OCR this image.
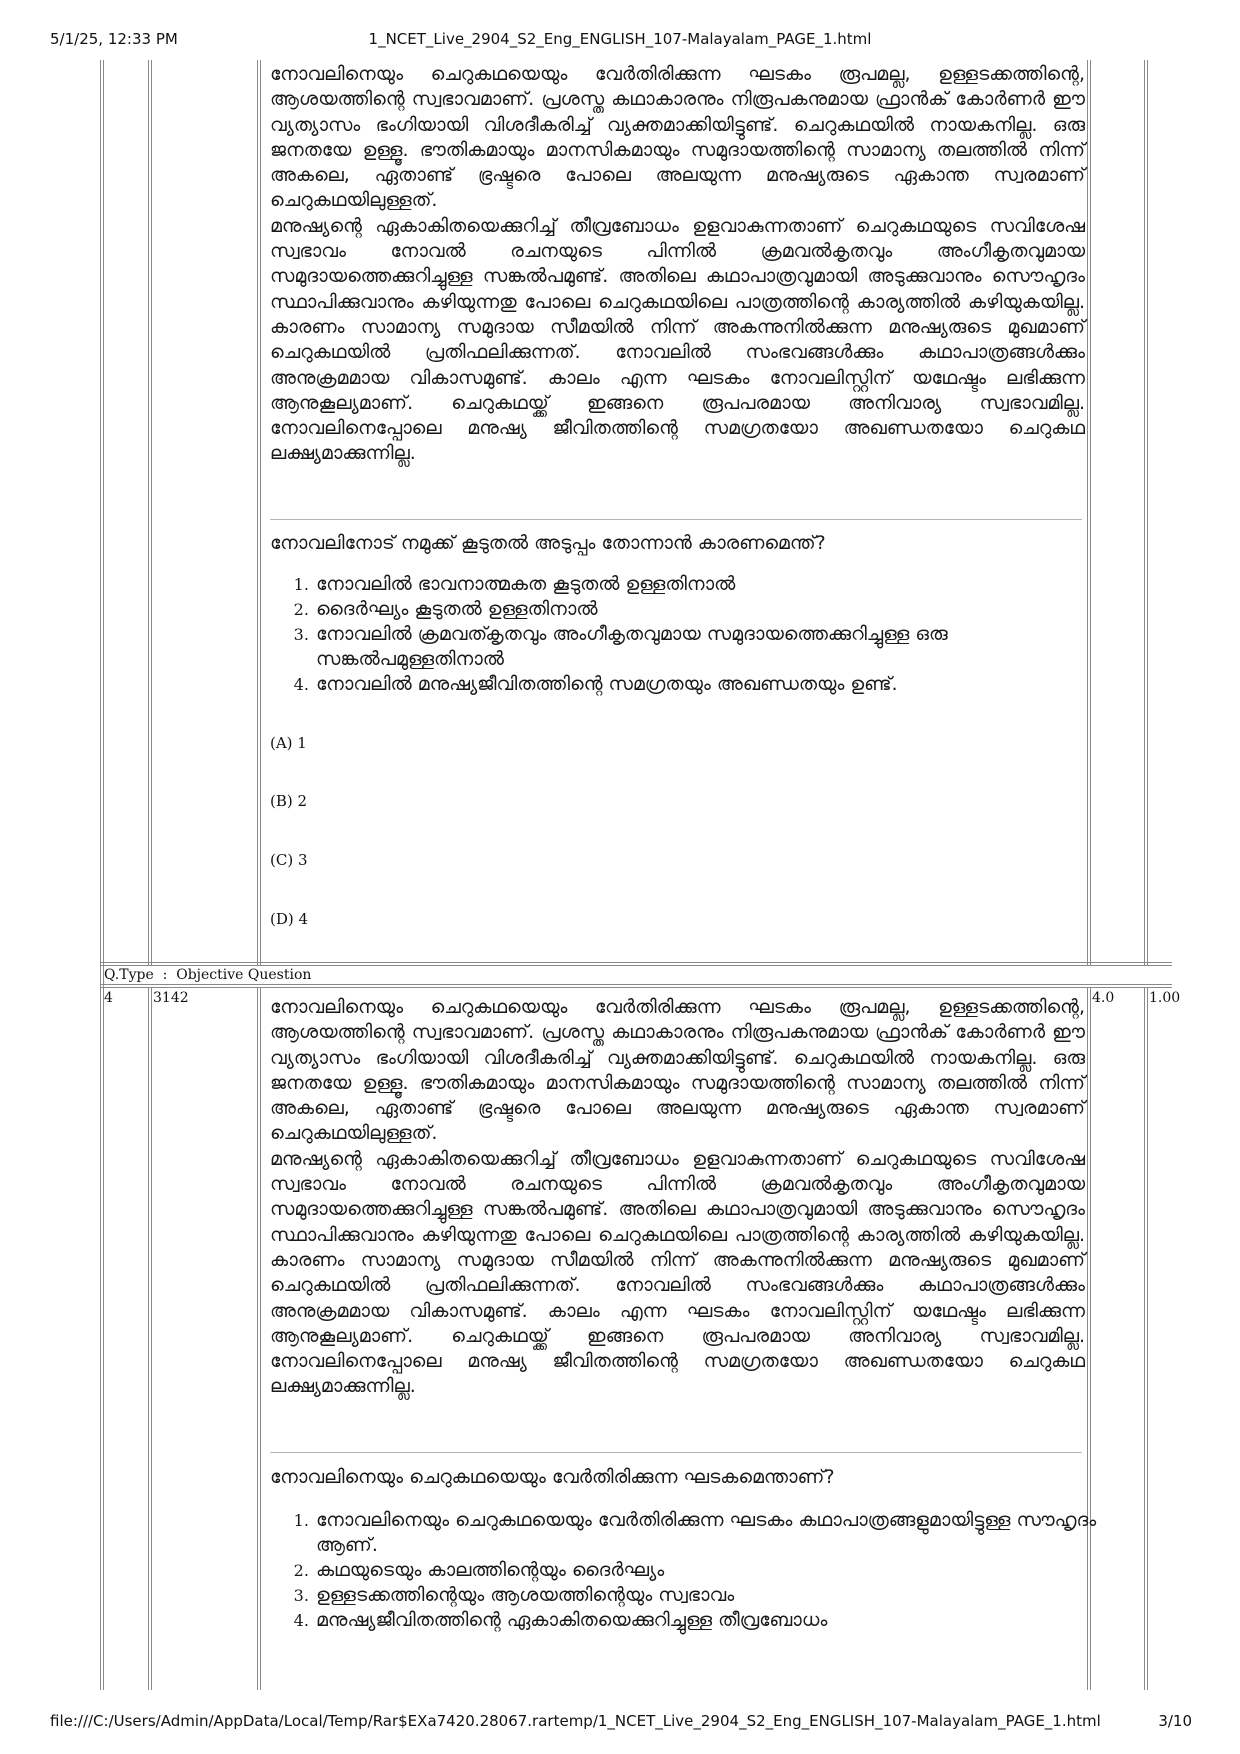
5/1/25, 12:33 PM	1_NCET_Live_2904_S2_Eng_ENGLISH_107-Malayalam_PAGE_1.html

നോവലിനെയും ചെറുകഥയെയും വേർതിരിക്കുന്ന ഘടകം രൂപമല്ല, ഉള്ളടക്കത്തിന്റെ, ആശയത്തിന്റെ സ്വഭാവമാണ്. പ്രശസ്ത കഥാകാരനും നിരൂപകനുമായ ഫ്രാൻക് കോർണർ ഈ വ്യത്യാസം ഭംഗിയായി വിശദീകരിച്ച് വ്യക്തമാക്കിയിട്ടുണ്ട്. ചെറുകഥയിൽ നായകനില്ല. ഒരു ജനതയേ ഉള്ളൂ. ഭൗതികമായും മാനസികമായും സമുദായത്തിന്റെ സാമാന്യ തലത്തിൽ നിന്ന് അകലെ, ഏതാണ്ട് ഭ്രഷ്ടരെ പോലെ അലയുന്ന മനുഷ്യരുടെ ഏകാന്ത സ്വരമാണ് ചെറുകഥയിലുള്ളത്.

മനുഷ്യന്റെ ഏകാകിതയെക്കുറിച്ച് തീവ്രബോധം ഉളവാകുന്നതാണ് ചെറുകഥയുടെ സവിശേഷ സ്വഭാവം നോവൽ രചനയുടെ പിന്നിൽ ക്രമവൽകൃതവും അംഗീകൃതവുമായ സമുദായത്തെക്കുറിച്ചുള്ള സങ്കൽപമുണ്ട്. അതിലെ കഥാപാത്രവുമായി അടുക്കുവാനും സൌഹൃദം സ്ഥാപിക്കുവാനും കഴിയുന്നതു പോലെ ചെറുകഥയിലെ പാത്രത്തിന്റെ കാര്യത്തിൽ കഴിയുകയില്ല. കാരണം സാമാന്യ സമുദായ സീമയിൽ നിന്ന് അകന്നുനിൽക്കുന്ന മനുഷ്യരുടെ മുഖമാണ് ചെറുകഥയിൽ പ്രതിഫലിക്കുന്നത്. നോവലിൽ സംഭവങ്ങൾക്കും കഥാപാത്രങ്ങൾക്കും അനുക്രമമായ വികാസമുണ്ട്. കാലം എന്ന ഘടകം നോവലിസ്റ്റിന് യഥേഷ്ടം ലഭിക്കുന്ന ആനുകൂല്യമാണ്. ചെറുകഥയ്ക്ക് ഇങ്ങനെ രൂപപരമായ അനിവാര്യ സ്വഭാവമില്ല. നോവലിനെപ്പോലെ മനുഷ്യ ജീവിതത്തിന്റെ സമഗ്രതയോ അഖണ്ഡതയോ ചെറുകഥ ലക്ഷ്യമാക്കുന്നില്ല.

നോവലിനോട് നമുക്ക് കൂടുതൽ അടുപ്പം തോന്നാൻ കാരണമെന്ത്?
1. നോവലിൽ ഭാവനാത്മകത കൂടുതൽ ഉള്ളതിനാൽ
2. ദൈർഘ്യം കൂടുതൽ ഉള്ളതിനാൽ
3. നോവലിൽ ക്രമവത്കൃതവും അംഗീകൃതവുമായ സമുദായത്തെക്കുറിച്ചുള്ള ഒരു സങ്കൽപമുള്ളതിനാൽ
4. നോവലിൽ മനുഷ്യജീവിതത്തിന്റെ സമഗ്രതയും അഖണ്ഡതയും ഉണ്ട്.
(A) 1
(B) 2
(C) 3
(D) 4
Q.Type  :  Objective Question
4	3142	4.0 1.00

നോവലിനെയും ചെറുകഥയെയും വേർതിരിക്കുന്ന ഘടകം രൂപമല്ല, ഉള്ളടക്കത്തിന്റെ, ആശയത്തിന്റെ സ്വഭാവമാണ്. പ്രശസ്ത കഥാകാരനും നിരൂപകനുമായ ഫ്രാൻക് കോർണർ ഈ വ്യത്യാസം ഭംഗിയായി വിശദീകരിച്ച് വ്യക്തമാക്കിയിട്ടുണ്ട്. ചെറുകഥയിൽ നായകനില്ല. ഒരു ജനതയേ ഉള്ളൂ. ഭൗതികമായും മാനസികമായും സമുദായത്തിന്റെ സാമാന്യ തലത്തിൽ നിന്ന് അകലെ, ഏതാണ്ട് ഭ്രഷ്ടരെ പോലെ അലയുന്ന മനുഷ്യരുടെ ഏകാന്ത സ്വരമാണ് ചെറുകഥയിലുള്ളത്.

മനുഷ്യന്റെ ഏകാകിതയെക്കുറിച്ച് തീവ്രബോധം ഉളവാകുന്നതാണ് ചെറുകഥയുടെ സവിശേഷ സ്വഭാവം നോവൽ രചനയുടെ പിന്നിൽ ക്രമവൽകൃതവും അംഗീകൃതവുമായ സമുദായത്തെക്കുറിച്ചുള്ള സങ്കൽപമുണ്ട്. അതിലെ കഥാപാത്രവുമായി അടുക്കുവാനും സൌഹൃദം സ്ഥാപിക്കുവാനും കഴിയുന്നതു പോലെ ചെറുകഥയിലെ പാത്രത്തിന്റെ കാര്യത്തിൽ കഴിയുകയില്ല. കാരണം സാമാന്യ സമുദായ സീമയിൽ നിന്ന് അകന്നുനിൽക്കുന്ന മനുഷ്യരുടെ മുഖമാണ് ചെറുകഥയിൽ പ്രതിഫലിക്കുന്നത്. നോവലിൽ സംഭവങ്ങൾക്കും കഥാപാത്രങ്ങൾക്കും അനുക്രമമായ വികാസമുണ്ട്. കാലം എന്ന ഘടകം നോവലിസ്റ്റിന് യഥേഷ്ടം ലഭിക്കുന്ന ആനുകൂല്യമാണ്. ചെറുകഥയ്ക്ക് ഇങ്ങനെ രൂപപരമായ അനിവാര്യ സ്വഭാവമില്ല. നോവലിനെപ്പോലെ മനുഷ്യ ജീവിതത്തിന്റെ സമഗ്രതയോ അഖണ്ഡതയോ ചെറുകഥ ലക്ഷ്യമാക്കുന്നില്ല.

നോവലിനെയും ചെറുകഥയെയും വേർതിരിക്കുന്ന ഘടകമെന്താണ്?
1. നോവലിനെയും ചെറുകഥയെയും വേർതിരിക്കുന്ന ഘടകം കഥാപാത്രങ്ങളുമായിട്ടുള്ള സൗഹൃദം ആണ്.
2. കഥയുടെയും കാലത്തിന്റെയും ദൈർഘ്യം
3. ഉള്ളടക്കത്തിന്റെയും ആശയത്തിന്റെയും സ്വഭാവം
4. മനുഷ്യജീവിതത്തിന്റെ ഏകാകിതയെക്കുറിച്ചുള്ള തീവ്രബോധം
file:///C:/Users/Admin/AppData/Local/Temp/Rar$EXa7420.28067.rartemp/1_NCET_Live_2904_S2_Eng_ENGLISH_107-Malayalam_PAGE_1.html	3/10
